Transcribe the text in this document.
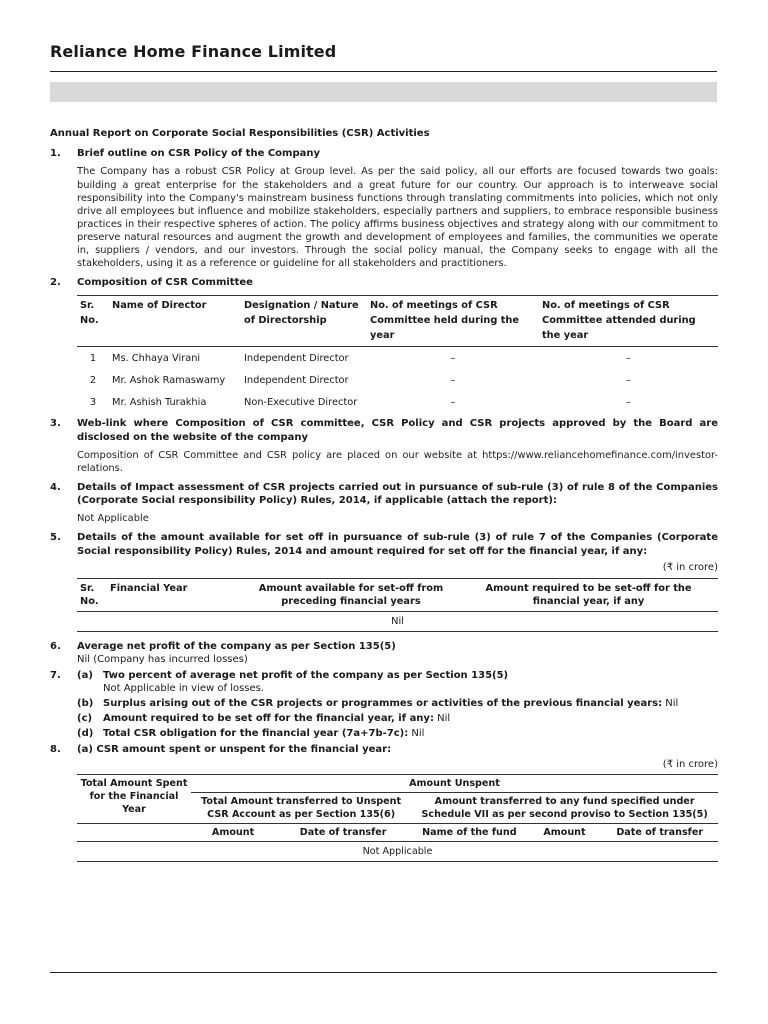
Reliance Home Finance Limited
Annual Report on Corporate Social Responsibilities (CSR) Activities
1.	Brief outline on CSR Policy of the Company
The Company has a robust CSR Policy at Group level. As per the said policy, all our efforts are focused towards two goals: building a great enterprise for the stakeholders and a great future for our country. Our approach is to interweave social responsibility into the Company's mainstream business functions through translating commitments into policies, which not only drive all employees but influence and mobilize stakeholders, especially partners and suppliers, to embrace responsible business practices in their respective spheres of action. The policy affirms business objectives and strategy along with our commitment to preserve natural resources and augment the growth and development of employees and families, the communities we operate in, suppliers / vendors, and our investors. Through the social policy manual, the Company seeks to engage with all the stakeholders, using it as a reference or guideline for all stakeholders and practitioners.
2.	Composition of CSR Committee
Sr. No.	Name of Director	Designation / Nature of Directorship	No. of meetings of CSR Committee held during the year	No. of meetings of CSR Committee attended during the year
1	Ms. Chhaya Virani	Independent Director	–	–
2	Mr. Ashok Ramaswamy	Independent Director	–	–
3	Mr. Ashish Turakhia	Non-Executive Director	–	–
3.	Web-link where Composition of CSR committee, CSR Policy and CSR projects approved by the Board are disclosed on the website of the company
Composition of CSR Committee and CSR policy are placed on our website at https://www.reliancehomefinance.com/investor-relations.
4.	Details of Impact assessment of CSR projects carried out in pursuance of sub-rule (3) of rule 8 of the Companies (Corporate Social responsibility Policy) Rules, 2014, if applicable (attach the report):
Not Applicable
5.	Details of the amount available for set off in pursuance of sub-rule (3) of rule 7 of the Companies (Corporate Social responsibility Policy) Rules, 2014 and amount required for set off for the financial year, if any:
(₹ in crore)
Sr. No.	Financial Year	Amount available for set-off from preceding financial years	Amount required to be set-off for the financial year, if any
Nil
6.	Average net profit of the company as per Section 135(5)
Nil (Company has incurred losses)
7.	(a)	Two percent of average net profit of the company as per Section 135(5)
Not Applicable in view of losses.
(b) Surplus arising out of the CSR projects or programmes or activities of the previous financial years: Nil
(c)	Amount required to be set off for the financial year, if any: Nil
(d) Total CSR obligation for the financial year (7a+7b-7c): Nil
8.	(a) CSR amount spent or unspent for the financial year:
(₹ in crore)
Total Amount Spent for the Financial Year	Amount Unspent				
	Total Amount transferred to Unspent CSR Account as per Section 135(6)		Amount transferred to any fund specified under Schedule VII as per second proviso to Section 135(5)		
	Amount	Date of transfer	Name of the fund	Amount	Date of transfer
Not Applicable					
